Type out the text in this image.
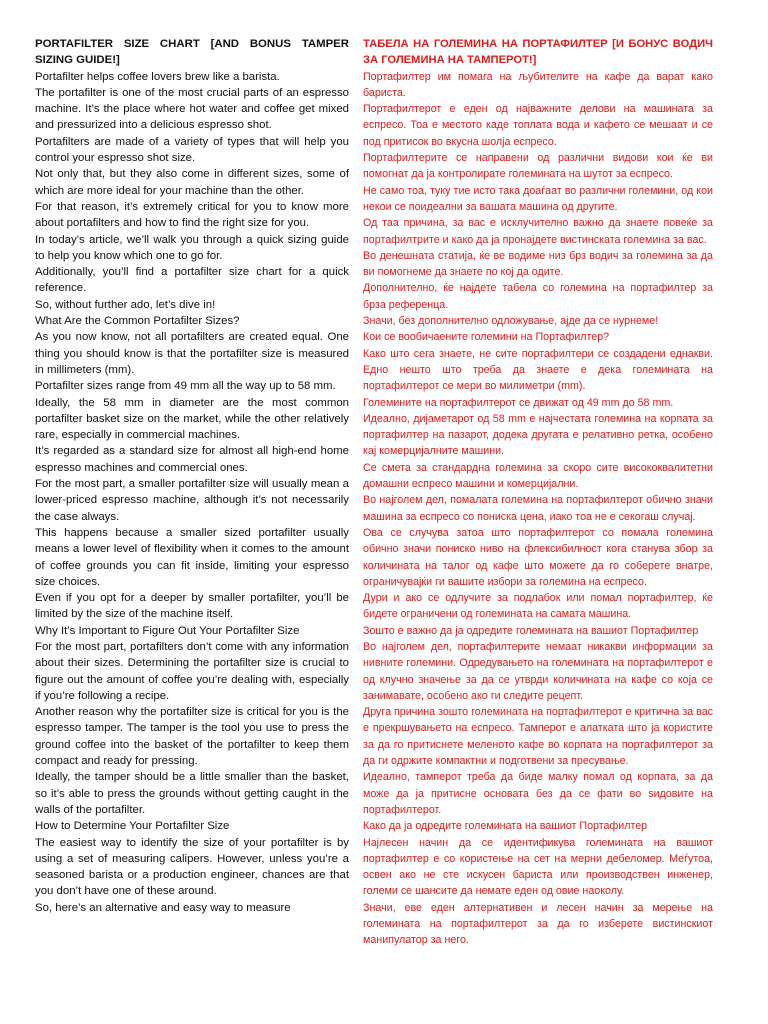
PORTAFILTER SIZE CHART [AND BONUS TAMPER SIZING GUIDE!]

Portafilter helps coffee lovers brew like a barista.

The portafilter is one of the most crucial parts of an espresso machine. It’s the place where hot water and coffee get mixed and pressurized into a delicious espresso shot.

Portafilters are made of a variety of types that will help you control your espresso shot size.

Not only that, but they also come in different sizes, some of which are more ideal for your machine than the other.

For that reason, it’s extremely critical for you to know more about portafilters and how to find the right size for you.

In today’s article, we’ll walk you through a quick sizing guide to help you know which one to go for.

Additionally, you’ll find a portafilter size chart for a quick reference.

So, without further ado, let’s dive in!

What Are the Common Portafilter Sizes?

As you now know, not all portafilters are created equal. One thing you should know is that the portafilter size is measured in millimeters (mm).

Portafilter sizes range from 49 mm all the way up to 58 mm.

Ideally, the 58 mm in diameter are the most common portafilter basket size on the market, while the other relatively rare, especially in commercial machines.

It’s regarded as a standard size for almost all high-end home espresso machines and commercial ones.

For the most part, a smaller portafilter size will usually mean a lower-priced espresso machine, although it’s not necessarily the case always.

This happens because a smaller sized portafilter usually means a lower level of flexibility when it comes to the amount of coffee grounds you can fit inside, limiting your espresso size choices.

Even if you opt for a deeper by smaller portafilter, you’ll be limited by the size of the machine itself.

Why It’s Important to Figure Out Your Portafilter Size

For the most part, portafilters don’t come with any information about their sizes. Determining the portafilter size is crucial to figure out the amount of coffee you’re dealing with, especially if you’re following a recipe.

Another reason why the portafilter size is critical for you is the espresso tamper. The tamper is the tool you use to press the ground coffee into the basket of the portafilter to keep them compact and ready for pressing.

Ideally, the tamper should be a little smaller than the basket, so it’s able to press the grounds without getting caught in the walls of the portafilter.

How to Determine Your Portafilter Size

The easiest way to identify the size of your portafilter is by using a set of measuring calipers. However, unless you’re a seasoned barista or a production engineer, chances are that you don’t have one of these around.

So, here’s an alternative and easy way to measure

ТАБЕЛА НА ГОЛЕМИНА НА ПОРТАФИЛТЕР [И БОНУС ВОДИЧ ЗА ГОЛЕМИНА НА ТАМПЕРОТ!]

Портафилтер им помага на љубителите на кафе да варат како бариста.

Портафилтерот е еден од најважните делови на машината за еспресо. Тоа е местото каде топлата вода и кафето се мешаат и се под притисок во вкусна шолја еспресо.

Портафилтерите се направени од различни видови кои ќе ви помогнат да ја контролирате големината на шутот за еспресо.

Не само тоа, туку тие исто така доаѓаат во различни големини, од кои некои се поидеални за вашата машина од другите.

Од таа причина, за вас е исклучително важно да знаете повеќе за портафилтрите и како да ја пронајдете вистинската големина за вас.

Во денешната статија, ќе ве водиме низ брз водич за големина за да ви помогнеме да знаете по кој да одите.

Дополнително, ќе најдете табела со големина на портафилтер за брза референца.

Значи, без дополнително одложување, ајде да се нурнеме!

Кои се вообичаените големини на Портафилтер?

Како што сега знаете, не сите портафилтери се создадени еднакви. Едно нешто што треба да знаете е дека големината на портафилтерот се мери во милиметри (mm).

Големините на портафилтерот се движат од 49 mm до 58 mm.

Идеално, дијаметарот од 58 mm е најчестата големина на корпата за портафилтер на пазарот, додека другата е релативно ретка, особено кај комерцијалните машини.

Се смета за стандардна големина за скоро сите висококвалитетни домашни еспресо машини и комерцијални.

Во најголем дел, помалата големина на портафилтерот обично значи машина за еспресо со пониска цена, иако тоа не е секогаш случај.

Ова се случува затоа што портафилтерот со помала големина обично значи пониско ниво на флексибилност кога станува збор за количината на талог од кафе што можете да го соберете внатре, ограничувајќи ги вашите избори за големина на еспресо.

Дури и ако се одлучите за подлабок или помал портафилтер, ќе бидете ограничени од големината на самата машина.

Зошто е важно да ја одредите големината на вашиот Портафилтер

Во најголем дел, портафилтерите немаат никакви информации за нивните големини. Одредувањето на големината на портафилтерот е од клучно значење за да се утврди количината на кафе со која се занимавате, особено ако ги следите рецепт.

Друга причина зошто големината на портафилтерот е критична за вас е прекршувањето на еспресо. Тамперот е алатката што ја користите за да го притиснете меленото кафе во корпата на портафилтерот за да ги одржите компактни и подготвени за пресување.

Идеално, тамперот треба да биде малку помал од корпата, за да може да ја притисне основата без да се фати во ѕидовите на портафилтерот.

Како да ја одредите големината на вашиот Портафилтер

Најлесен начин да се идентификува големината на вашиот портафилтер е со користење на сет на мерни дебеломер. Меѓутоа, освен ако не сте искусен бариста или производствен инженер, големи се шансите да немате еден од овие наоколу.

Значи, еве еден алтернативен и лесен начин за мерење на големината на портафилтерот за да го изберете вистинскиот манипулатор за него.
